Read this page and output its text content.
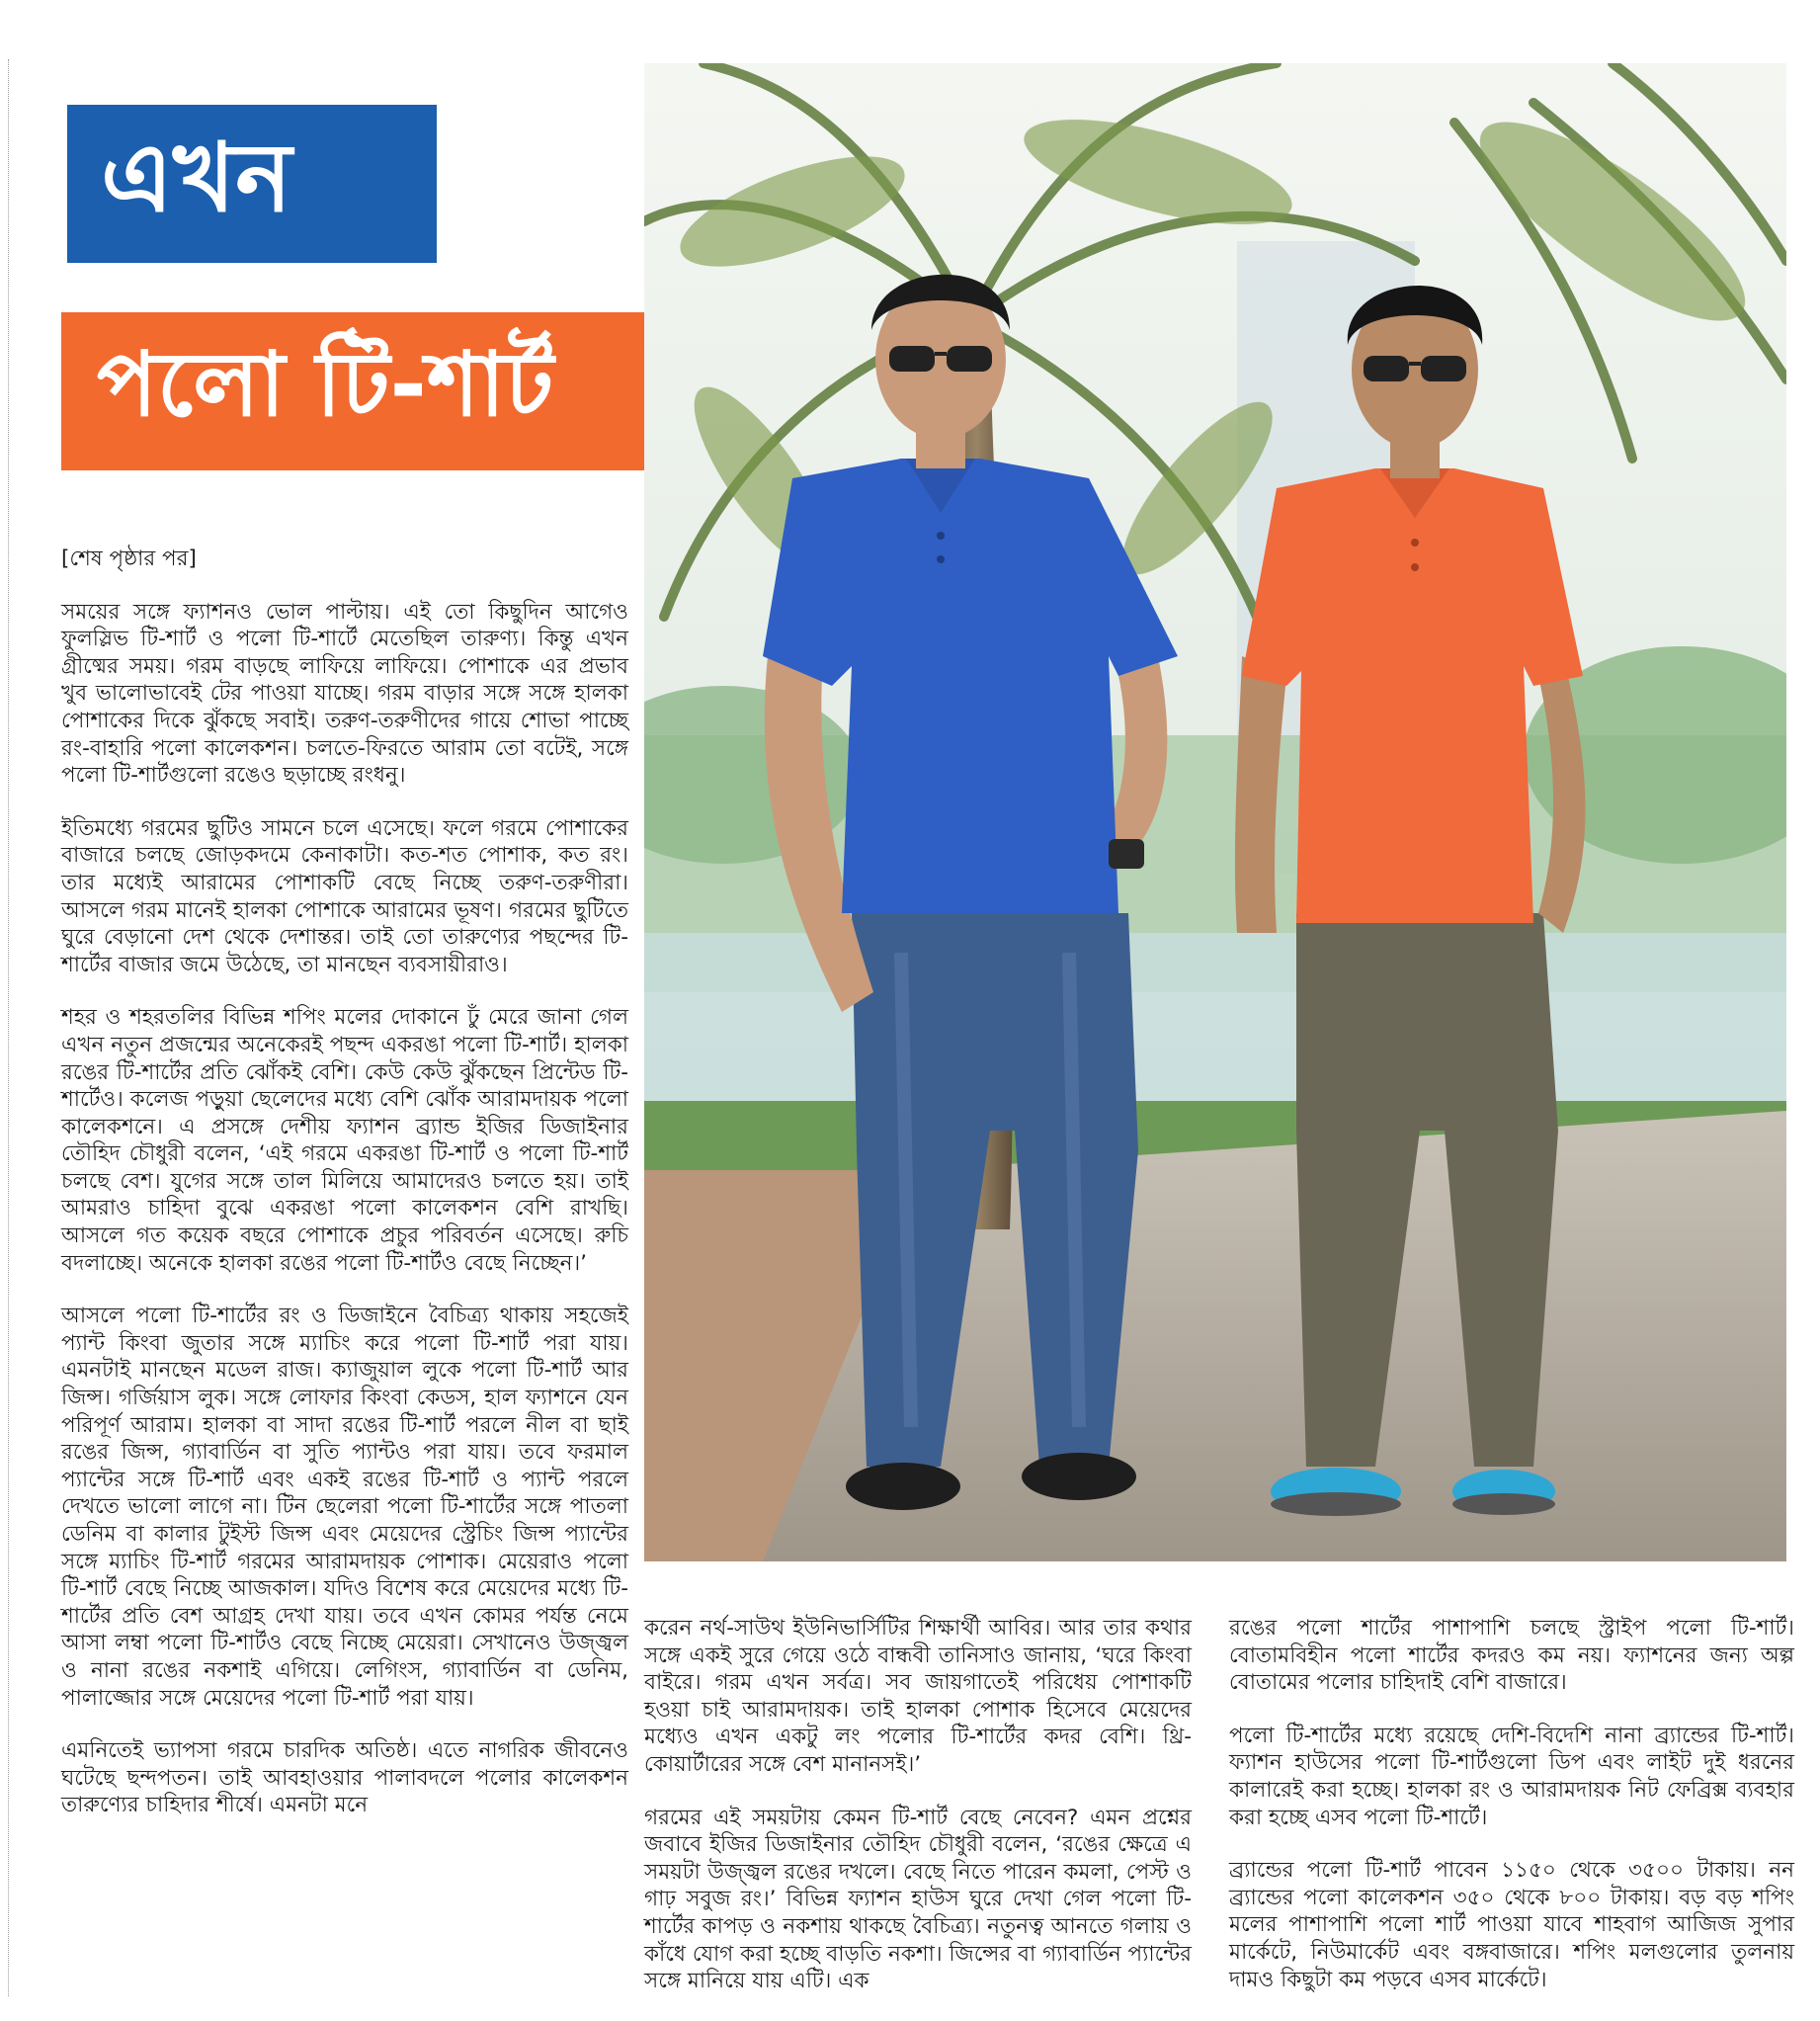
এখন
পলো টি-শার্ট

[শেষ পৃষ্ঠার পর]

সময়ের সঙ্গে ফ্যাশনও ভোল পাল্টায়। এই তো কিছুদিন আগেও ফুলস্লিভ টি-শার্ট ও পলো টি-শার্টে মেতেছিল তারুণ্য। কিন্তু এখন গ্রীষ্মের সময়। গরম বাড়ছে লাফিয়ে লাফিয়ে। পোশাকে এর প্রভাব খুব ভালোভাবেই টের পাওয়া যাচ্ছে। গরম বাড়ার সঙ্গে সঙ্গে হালকা পোশাকের দিকে ঝুঁকছে সবাই। তরুণ-তরুণীদের গায়ে শোভা পাচ্ছে রং-বাহারি পলো কালেকশন। চলতে-ফিরতে আরাম তো বটেই, সঙ্গে পলো টি-শার্টগুলো রঙেও ছড়াচ্ছে রংধনু।

ইতিমধ্যে গরমের ছুটিও সামনে চলে এসেছে। ফলে গরমে পোশাকের বাজারে চলছে জোড়কদমে কেনাকাটা। কত-শত পোশাক, কত রং। তার মধ্যেই আরামের পোশাকটি বেছে নিচ্ছে তরুণ-তরুণীরা। আসলে গরম মানেই হালকা পোশাকে আরামের ভূষণ। গরমের ছুটিতে ঘুরে বেড়ানো দেশ থেকে দেশান্তর। তাই তো তারুণ্যের পছন্দের টি-শার্টের বাজার জমে উঠেছে, তা মানছেন ব্যবসায়ীরাও।

শহর ও শহরতলির বিভিন্ন শপিং মলের দোকানে ঢুঁ মেরে জানা গেল এখন নতুন প্রজন্মের অনেকেরই পছন্দ একরঙা পলো টি-শার্ট। হালকা রঙের টি-শার্টের প্রতি ঝোঁকই বেশি। কেউ কেউ ঝুঁকছেন প্রিন্টেড টি-শার্টেও। কলেজ পড়ুয়া ছেলেদের মধ্যে বেশি ঝোঁক আরামদায়ক পলো কালেকশনে। এ প্রসঙ্গে দেশীয় ফ্যাশন ব্র্যান্ড ইজির ডিজাইনার তৌহিদ চৌধুরী বলেন, ‘এই গরমে একরঙা টি-শার্ট ও পলো টি-শার্ট চলছে বেশ। যুগের সঙ্গে তাল মিলিয়ে আমাদেরও চলতে হয়। তাই আমরাও চাহিদা বুঝে একরঙা পলো কালেকশন বেশি রাখছি। আসলে গত কয়েক বছরে পোশাকে প্রচুর পরিবর্তন এসেছে। রুচি বদলাচ্ছে। অনেকে হালকা রঙের পলো টি-শার্টও বেছে নিচ্ছেন।’

আসলে পলো টি-শার্টের রং ও ডিজাইনে বৈচিত্র্য থাকায় সহজেই প্যান্ট কিংবা জুতার সঙ্গে ম্যাচিং করে পলো টি-শার্ট পরা যায়। এমনটাই মানছেন মডেল রাজ। ক্যাজুয়াল লুকে পলো টি-শার্ট আর জিন্স। গর্জিয়াস লুক। সঙ্গে লোফার কিংবা কেডস, হাল ফ্যাশনে যেন পরিপূর্ণ আরাম। হালকা বা সাদা রঙের টি-শার্ট পরলে নীল বা ছাই রঙের জিন্স, গ্যাবার্ডিন বা সুতি প্যান্টও পরা যায়। তবে ফরমাল প্যান্টের সঙ্গে টি-শার্ট এবং একই রঙের টি-শার্ট ও প্যান্ট পরলে দেখতে ভালো লাগে না। টিন ছেলেরা পলো টি-শার্টের সঙ্গে পাতলা ডেনিম বা কালার টুইস্ট জিন্স এবং মেয়েদের স্ট্রেচিং জিন্স প্যান্টের সঙ্গে ম্যাচিং টি-শার্ট গরমের আরামদায়ক পোশাক। মেয়েরাও পলো টি-শার্ট বেছে নিচ্ছে আজকাল। যদিও বিশেষ করে মেয়েদের মধ্যে টি-শার্টের প্রতি বেশ আগ্রহ দেখা যায়। তবে এখন কোমর পর্যন্ত নেমে আসা লম্বা পলো টি-শার্টও বেছে নিচ্ছে মেয়েরা। সেখানেও উজ্জ্বল ও নানা রঙের নকশাই এগিয়ে। লেগিংস, গ্যাবার্ডিন বা ডেনিম, পালাজ্জোর সঙ্গে মেয়েদের পলো টি-শার্ট পরা যায়।

এমনিতেই ভ্যাপসা গরমে চারদিক অতিষ্ঠ। এতে নাগরিক জীবনেও ঘটেছে ছন্দপতন। তাই আবহাওয়ার পালাবদলে পলোর কালেকশন তারুণ্যের চাহিদার শীর্ষে। এমনটা মনে

করেন নর্থ-সাউথ ইউনিভার্সিটির শিক্ষার্থী আবির। আর তার কথার সঙ্গে একই সুরে গেয়ে ওঠে বান্ধবী তানিসাও জানায়, ‘ঘরে কিংবা বাইরে। গরম এখন সর্বত্র। সব জায়গাতেই পরিধেয় পোশাকটি হওয়া চাই আরামদায়ক। তাই হালকা পোশাক হিসেবে মেয়েদের মধ্যেও এখন একটু লং পলোর টি-শার্টের কদর বেশি। থ্রি-কোয়ার্টারের সঙ্গে বেশ মানানসই।’

গরমের এই সময়টায় কেমন টি-শার্ট বেছে নেবেন? এমন প্রশ্নের জবাবে ইজির ডিজাইনার তৌহিদ চৌধুরী বলেন, ‘রঙের ক্ষেত্রে এ সময়টা উজ্জ্বল রঙের দখলে। বেছে নিতে পারেন কমলা, পেস্ট ও গাঢ় সবুজ রং।’ বিভিন্ন ফ্যাশন হাউস ঘুরে দেখা গেল পলো টি-শার্টের কাপড় ও নকশায় থাকছে বৈচিত্র্য। নতুনত্ব আনতে গলায় ও কাঁধে যোগ করা হচ্ছে বাড়তি নকশা। জিন্সের বা গ্যাবার্ডিন প্যান্টের সঙ্গে মানিয়ে যায় এটি। এক

রঙের পলো শার্টের পাশাপাশি চলছে স্ট্রাইপ পলো টি-শার্ট। বোতামবিহীন পলো শার্টের কদরও কম নয়। ফ্যাশনের জন্য অল্প বোতামের পলোর চাহিদাই বেশি বাজারে।

পলো টি-শার্টের মধ্যে রয়েছে দেশি-বিদেশি নানা ব্র্যান্ডের টি-শার্ট। ফ্যাশন হাউসের পলো টি-শার্টগুলো ডিপ এবং লাইট দুই ধরনের কালারেই করা হচ্ছে। হালকা রং ও আরামদায়ক নিট ফেব্রিক্স ব্যবহার করা হচ্ছে এসব পলো টি-শার্টে।

ব্র্যান্ডের পলো টি-শার্ট পাবেন ১১৫০ থেকে ৩৫০০ টাকায়। নন ব্র্যান্ডের পলো কালেকশন ৩৫০ থেকে ৮০০ টাকায়। বড় বড় শপিং মলের পাশাপাশি পলো শার্ট পাওয়া যাবে শাহবাগ আজিজ সুপার মার্কেটে, নিউমার্কেট এবং বঙ্গবাজারে। শপিং মলগুলোর তুলনায় দামও কিছুটা কম পড়বে এসব মার্কেটে।
